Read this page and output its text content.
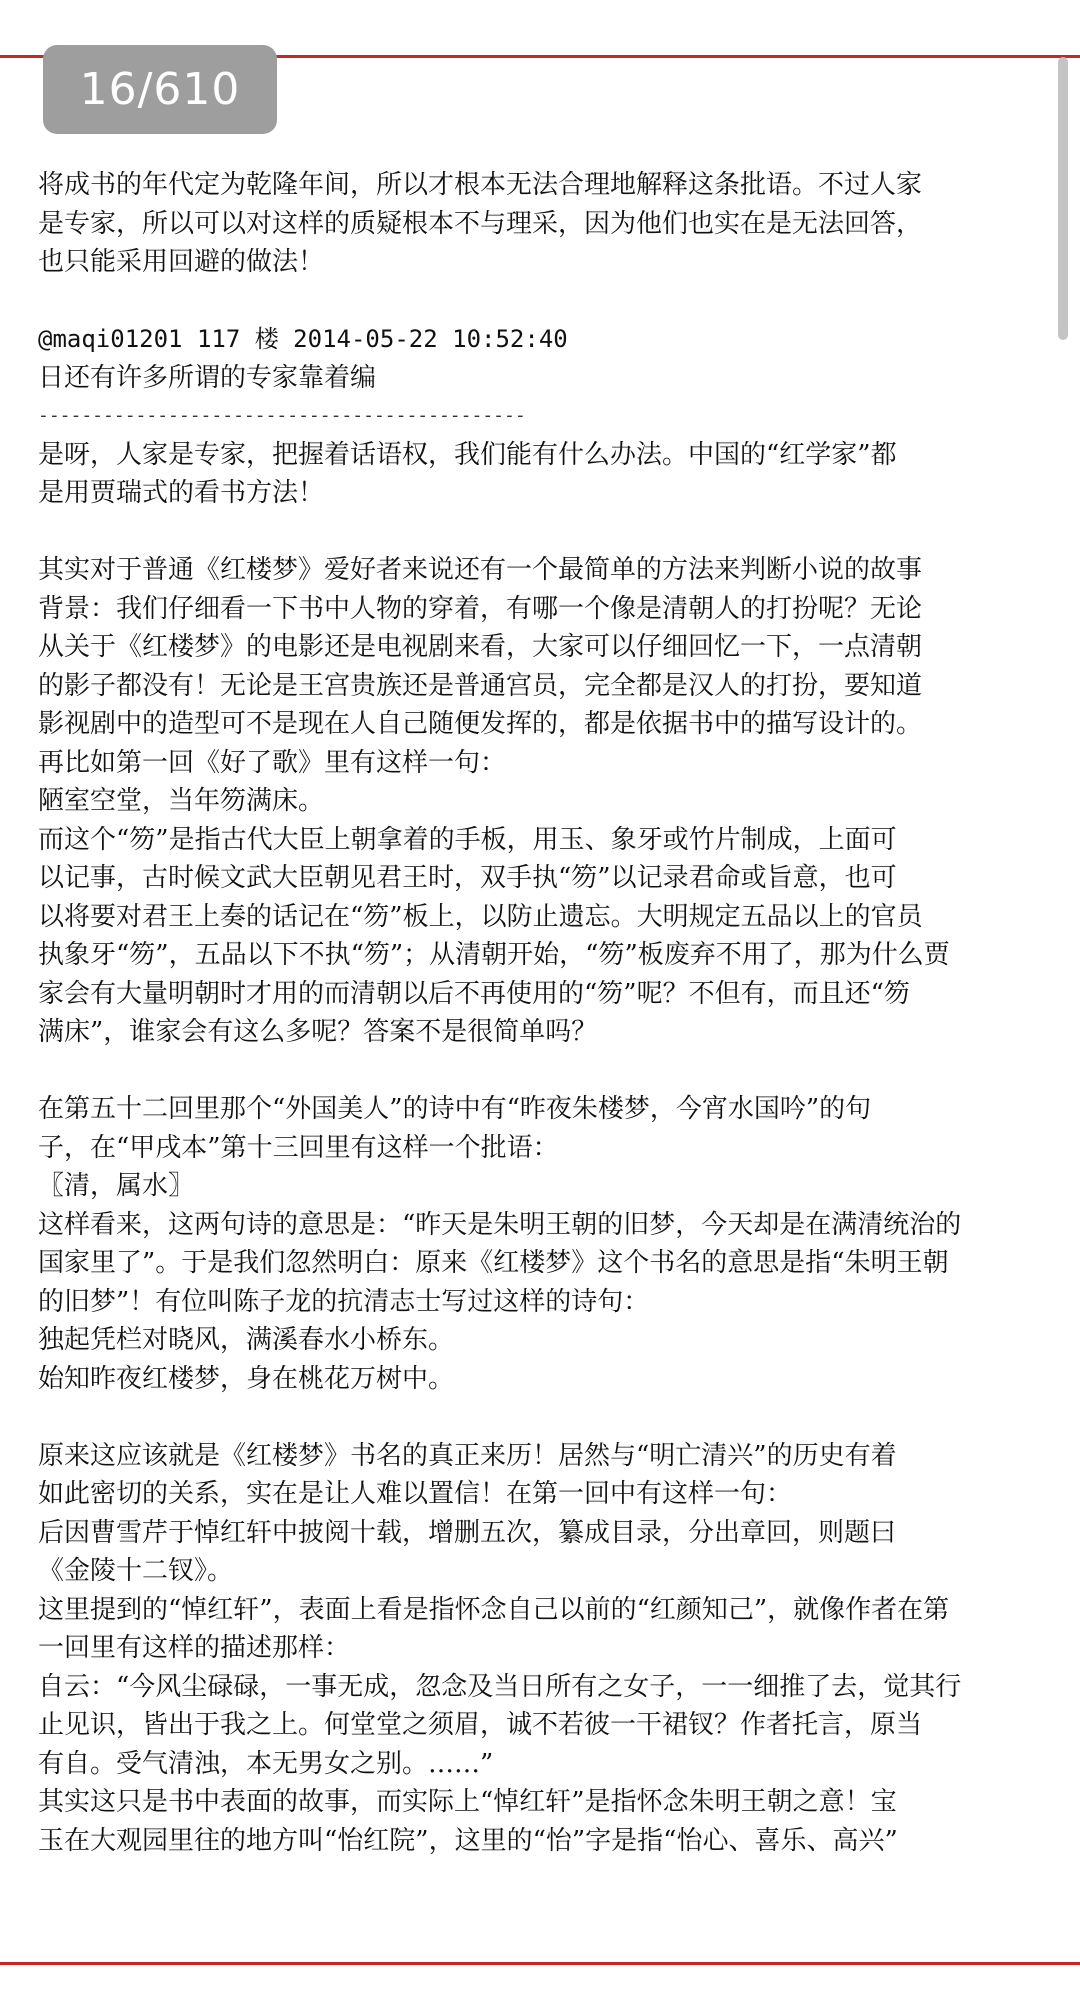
16/610
将成书的年代定为乾隆年间，所以才根本无法合理地解释这条批语。不过人家
是专家，所以可以对这样的质疑根本不与理采，因为他们也实在是无法回答，
也只能采用回避的做法！
@maqi01201 117 楼 2014-05-22 10:52:40
日还有许多所谓的专家靠着编
---------------------------------------------
是呀，人家是专家，把握着话语权，我们能有什么办法。中国的“红学家”都
是用贾瑞式的看书方法！
其实对于普通《红楼梦》爱好者来说还有一个最简单的方法来判断小说的故事
背景：我们仔细看一下书中人物的穿着，有哪一个像是清朝人的打扮呢？无论
从关于《红楼梦》的电影还是电视剧来看，大家可以仔细回忆一下，一点清朝
的影子都没有！无论是王宫贵族还是普通宫员，完全都是汉人的打扮，要知道
影视剧中的造型可不是现在人自己随便发挥的，都是依据书中的描写设计的。
再比如第一回《好了歌》里有这样一句：
陋室空堂，当年笏满床。
而这个“笏”是指古代大臣上朝拿着的手板，用玉、象牙或竹片制成，上面可
以记事，古时候文武大臣朝见君王时，双手执“笏”以记录君命或旨意，也可
以将要对君王上奏的话记在“笏”板上，以防止遗忘。大明规定五品以上的官员
执象牙“笏”，五品以下不执“笏”；从清朝开始，“笏”板废弃不用了，那为什么贾
家会有大量明朝时才用的而清朝以后不再使用的“笏”呢？不但有，而且还“笏
满床”，谁家会有这么多呢？答案不是很简单吗？
在第五十二回里那个“外国美人”的诗中有“昨夜朱楼梦，今宵水国吟”的句
子，在“甲戌本”第十三回里有这样一个批语：
〖清，属水〗
这样看来，这两句诗的意思是：“昨天是朱明王朝的旧梦，今天却是在满清统治的
国家里了”。于是我们忽然明白：原来《红楼梦》这个书名的意思是指“朱明王朝
的旧梦”！有位叫陈子龙的抗清志士写过这样的诗句：
独起凭栏对晓风，满溪春水小桥东。
始知昨夜红楼梦，身在桃花万树中。
原来这应该就是《红楼梦》书名的真正来历！居然与“明亡清兴”的历史有着
如此密切的关系，实在是让人难以置信！在第一回中有这样一句：
后因曹雪芹于悼红轩中披阅十载，增删五次，纂成目录，分出章回，则题曰
《金陵十二钗》。
这里提到的“悼红轩”，表面上看是指怀念自己以前的“红颜知己”，就像作者在第
一回里有这样的描述那样：
自云：“今风尘碌碌，一事无成，忽念及当日所有之女子，一一细推了去，觉其行
止见识，皆出于我之上。何堂堂之须眉，诚不若彼一干裙钗？作者托言，原当
有自。受气清浊，本无男女之别。……”
其实这只是书中表面的故事，而实际上“悼红轩”是指怀念朱明王朝之意！宝
玉在大观园里往的地方叫“怡红院”，这里的“怡”字是指“怡心、喜乐、高兴”
